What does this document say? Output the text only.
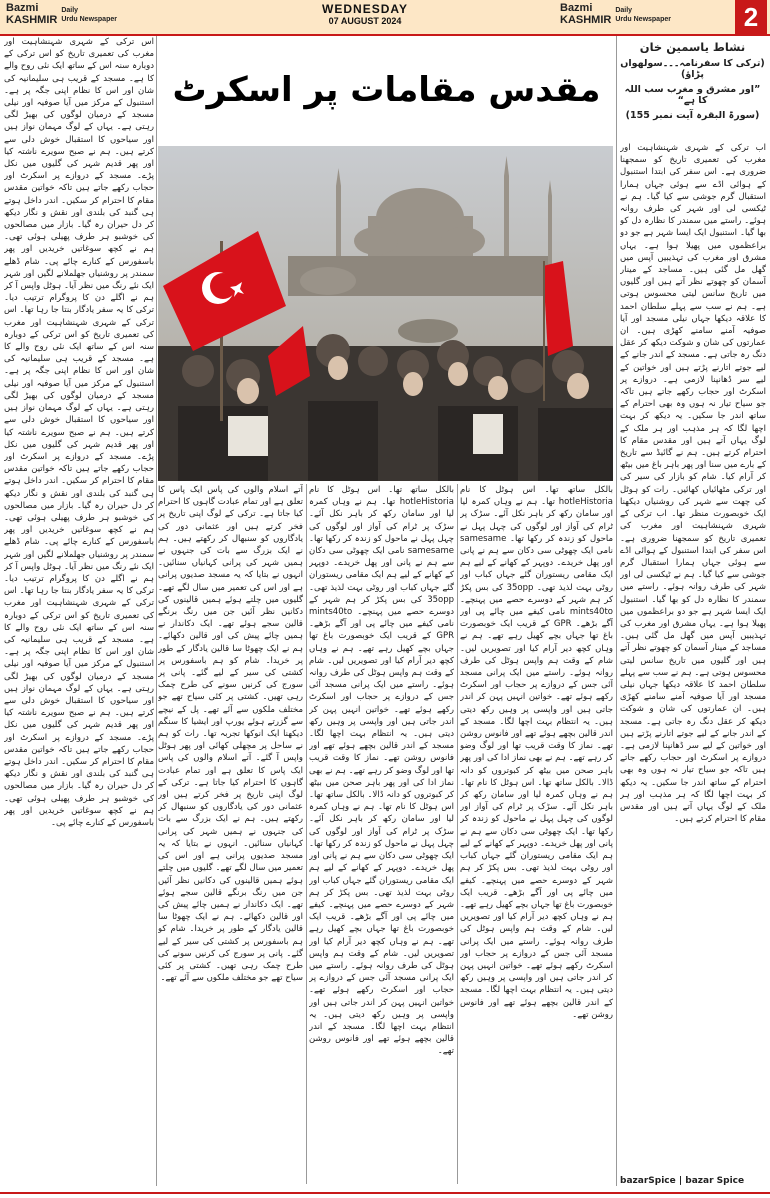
Bazmi
KASHMIR
Daily
Urdu Newspaper
WEDNESDAY
07 AUGUST 2024
Bazmi
KASHMIR
Daily
Urdu Newspaper	2
مقدس مقامات پر اسکرٹ
نشاط یاسمین خان
(ترکی کا سفرنامہ۔۔۔سولھواں پڑاؤ)
”اور مشرق و مغرب سب اللہ کا ہے“
(سورۃ البقرہ آیت نمبر 155)
اس ترکی کے شہری شہنشاہیت اور مغرب کی تعمیری تاریخ کو اس ترکی کے دوبارہ سنہ اس کے ساتھ ایک نئی روح والے کا ہے۔ مسجد کے قریب ہی سلیمانیہ کی شان اور اس کا نظام اپنی جگہ پر ہے۔ استنبول کے مرکز میں آیا صوفیہ اور نیلی مسجد کے درمیان لوگوں کی بھیڑ لگی رہتی ہے۔ یہاں کے لوگ مہمان نواز ہیں اور سیاحوں کا استقبال خوش دلی سے کرتے ہیں۔ ہم نے صبح سویرے ناشتہ کیا اور پھر قدیم شہر کی گلیوں میں نکل پڑے۔ مسجد کے دروازے پر اسکرٹ اور حجاب رکھے جاتے ہیں تاکہ خواتین مقدس مقام کا احترام کر سکیں۔ اندر داخل ہوتے ہی گنبد کی بلندی اور نقش و نگار دیکھ کر دل حیران رہ گیا۔ بازار میں مصالحوں کی خوشبو ہر طرف پھیلی ہوئی تھی۔ ہم نے کچھ سوغاتیں خریدیں اور پھر باسفورس کے کنارے چائے پی۔ شام ڈھلے سمندر پر روشنیاں جھلملانے لگیں اور شہر ایک نئے رنگ میں نظر آیا۔ ہوٹل واپس آ کر ہم نے اگلے دن کا پروگرام ترتیب دیا۔ ترکی کا یہ سفر یادگار بنتا جا رہا تھا۔ اس ترکی کے شہری شہنشاہیت اور مغرب کی تعمیری تاریخ کو اس ترکی کے دوبارہ سنہ اس کے ساتھ ایک نئی روح والے کا ہے۔ مسجد کے قریب ہی سلیمانیہ کی شان اور اس کا نظام اپنی جگہ پر ہے۔ استنبول کے مرکز میں آیا صوفیہ اور نیلی مسجد کے درمیان لوگوں کی بھیڑ لگی رہتی ہے۔ یہاں کے لوگ مہمان نواز ہیں اور سیاحوں کا استقبال خوش دلی سے کرتے ہیں۔ ہم نے صبح سویرے ناشتہ کیا اور پھر قدیم شہر کی گلیوں میں نکل پڑے۔ مسجد کے دروازے پر اسکرٹ اور حجاب رکھے جاتے ہیں تاکہ خواتین مقدس مقام کا احترام کر سکیں۔ اندر داخل ہوتے ہی گنبد کی بلندی اور نقش و نگار دیکھ کر دل حیران رہ گیا۔ بازار میں مصالحوں کی خوشبو ہر طرف پھیلی ہوئی تھی۔ ہم نے کچھ سوغاتیں خریدیں اور پھر باسفورس کے کنارے چائے پی۔ شام ڈھلے سمندر پر روشنیاں جھلملانے لگیں اور شہر ایک نئے رنگ میں نظر آیا۔ ہوٹل واپس آ کر ہم نے اگلے دن کا پروگرام ترتیب دیا۔ ترکی کا یہ سفر یادگار بنتا جا رہا تھا۔ اس ترکی کے شہری شہنشاہیت اور مغرب کی تعمیری تاریخ کو اس ترکی کے دوبارہ سنہ اس کے ساتھ ایک نئی روح والے کا ہے۔ مسجد کے قریب ہی سلیمانیہ کی شان اور اس کا نظام اپنی جگہ پر ہے۔ استنبول کے مرکز میں آیا صوفیہ اور نیلی مسجد کے درمیان لوگوں کی بھیڑ لگی رہتی ہے۔ یہاں کے لوگ مہمان نواز ہیں اور سیاحوں کا استقبال خوش دلی سے کرتے ہیں۔ ہم نے صبح سویرے ناشتہ کیا اور پھر قدیم شہر کی گلیوں میں نکل پڑے۔ مسجد کے دروازے پر اسکرٹ اور حجاب رکھے جاتے ہیں تاکہ خواتین مقدس مقام کا احترام کر سکیں۔ اندر داخل ہوتے ہی گنبد کی بلندی اور نقش و نگار دیکھ کر دل حیران رہ گیا۔ بازار میں مصالحوں کی خوشبو ہر طرف پھیلی ہوئی تھی۔ ہم نے کچھ سوغاتیں خریدیں اور پھر باسفورس کے کنارے چائے پی۔
آتے اسلام والوں کی پاس ایک پاس کا تعلق ہے اور تمام عبادت گاہوں کا احترام کیا جاتا ہے۔ ترکی کے لوگ اپنی تاریخ پر فخر کرتے ہیں اور عثمانی دور کی یادگاروں کو سنبھال کر رکھتے ہیں۔ ہم نے ایک بزرگ سے بات کی جنہوں نے ہمیں شہر کی پرانی کہانیاں سنائیں۔ انہوں نے بتایا کہ یہ مسجد صدیوں پرانی ہے اور اس کی تعمیر میں سال لگے تھے۔ گلیوں میں چلتے ہوئے ہمیں قالینوں کی دکانیں نظر آئیں جن میں رنگ برنگے قالین سجے ہوئے تھے۔ ایک دکاندار نے ہمیں چائے پیش کی اور قالین دکھائے۔ ہم نے ایک چھوٹا سا قالین یادگار کے طور پر خریدا۔ شام کو ہم باسفورس پر کشتی کی سیر کے لیے گئے۔ پانی پر سورج کی کرنیں سونے کی طرح چمک رہی تھیں۔ کشتی پر کئی سیاح تھے جو مختلف ملکوں سے آئے تھے۔ پل کے نیچے سے گزرتے ہوئے یورپ اور ایشیا کا سنگم دیکھنا ایک انوکھا تجربہ تھا۔ رات کو ہم نے ساحل پر مچھلی کھائی اور پھر ہوٹل واپس آ گئے۔ آتے اسلام والوں کی پاس ایک پاس کا تعلق ہے اور تمام عبادت گاہوں کا احترام کیا جاتا ہے۔ ترکی کے لوگ اپنی تاریخ پر فخر کرتے ہیں اور عثمانی دور کی یادگاروں کو سنبھال کر رکھتے ہیں۔ ہم نے ایک بزرگ سے بات کی جنہوں نے ہمیں شہر کی پرانی کہانیاں سنائیں۔ انہوں نے بتایا کہ یہ مسجد صدیوں پرانی ہے اور اس کی تعمیر میں سال لگے تھے۔ گلیوں میں چلتے ہوئے ہمیں قالینوں کی دکانیں نظر آئیں جن میں رنگ برنگے قالین سجے ہوئے تھے۔ ایک دکاندار نے ہمیں چائے پیش کی اور قالین دکھائے۔ ہم نے ایک چھوٹا سا قالین یادگار کے طور پر خریدا۔ شام کو ہم باسفورس پر کشتی کی سیر کے لیے گئے۔ پانی پر سورج کی کرنیں سونے کی طرح چمک رہی تھیں۔ کشتی پر کئی سیاح تھے جو مختلف ملکوں سے آئے تھے۔
بالکل ساتھ تھا۔ اس ہوٹل کا نام hotleHistoria تھا۔ ہم نے وہاں کمرہ لیا اور سامان رکھ کر باہر نکل آئے۔ سڑک پر ٹرام کی آواز اور لوگوں کی چہل پہل نے ماحول کو زندہ کر رکھا تھا۔ samesame نامی ایک چھوٹی سی دکان سے ہم نے پانی اور پھل خریدے۔ دوپہر کے کھانے کے لیے ہم ایک مقامی ریستوران گئے جہاں کباب اور روٹی بہت لذیذ تھی۔ 35opp کی بس پکڑ کر ہم شہر کے دوسرے حصے میں پہنچے۔ mints40to نامی کیفے میں چائے پی اور آگے بڑھے۔ GPR کے قریب ایک خوبصورت باغ تھا جہاں بچے کھیل رہے تھے۔ ہم نے وہاں کچھ دیر آرام کیا اور تصویریں لیں۔ شام کے وقت ہم واپس ہوٹل کی طرف روانہ ہوئے۔ راستے میں ایک پرانی مسجد آئی جس کے دروازے پر حجاب اور اسکرٹ رکھے ہوئے تھے۔ خواتین انہیں پہن کر اندر جاتی ہیں اور واپسی پر وہیں رکھ دیتی ہیں۔ یہ انتظام بہت اچھا لگا۔ مسجد کے اندر قالین بچھے ہوئے تھے اور فانوس روشن تھے۔ نماز کا وقت قریب تھا اور لوگ وضو کر رہے تھے۔ ہم نے بھی نماز ادا کی اور پھر باہر صحن میں بیٹھ کر کبوتروں کو دانہ ڈالا۔ بالکل ساتھ تھا۔ اس ہوٹل کا نام تھا۔ ہم نے وہاں کمرہ لیا اور سامان رکھ کر باہر نکل آئے۔ سڑک پر ٹرام کی آواز اور لوگوں کی چہل پہل نے ماحول کو زندہ کر رکھا تھا۔ ایک چھوٹی سی دکان سے ہم نے پانی اور پھل خریدے۔ دوپہر کے کھانے کے لیے ہم ایک مقامی ریستوران گئے جہاں کباب اور روٹی بہت لذیذ تھی۔ بس پکڑ کر ہم شہر کے دوسرے حصے میں پہنچے۔ کیفے میں چائے پی اور آگے بڑھے۔ قریب ایک خوبصورت باغ تھا جہاں بچے کھیل رہے تھے۔ ہم نے وہاں کچھ دیر آرام کیا اور تصویریں لیں۔ شام کے وقت ہم واپس ہوٹل کی طرف روانہ ہوئے۔ راستے میں ایک پرانی مسجد آئی جس کے دروازے پر حجاب اور اسکرٹ رکھے ہوئے تھے۔ خواتین انہیں پہن کر اندر جاتی ہیں اور واپسی پر وہیں رکھ دیتی ہیں۔ یہ انتظام بہت اچھا لگا۔ مسجد کے اندر قالین بچھے ہوئے تھے اور فانوس روشن تھے۔
بالکل ساتھ تھا۔ اس ہوٹل کا نام hotleHistoria تھا۔ ہم نے وہاں کمرہ لیا اور سامان رکھ کر باہر نکل آئے۔ سڑک پر ٹرام کی آواز اور لوگوں کی چہل پہل نے ماحول کو زندہ کر رکھا تھا۔ samesame نامی ایک چھوٹی سی دکان سے ہم نے پانی اور پھل خریدے۔ دوپہر کے کھانے کے لیے ہم ایک مقامی ریستوران گئے جہاں کباب اور روٹی بہت لذیذ تھی۔ 35opp کی بس پکڑ کر ہم شہر کے دوسرے حصے میں پہنچے۔ mints40to نامی کیفے میں چائے پی اور آگے بڑھے۔ GPR کے قریب ایک خوبصورت باغ تھا جہاں بچے کھیل رہے تھے۔ ہم نے وہاں کچھ دیر آرام کیا اور تصویریں لیں۔ شام کے وقت ہم واپس ہوٹل کی طرف روانہ ہوئے۔ راستے میں ایک پرانی مسجد آئی جس کے دروازے پر حجاب اور اسکرٹ رکھے ہوئے تھے۔ خواتین انہیں پہن کر اندر جاتی ہیں اور واپسی پر وہیں رکھ دیتی ہیں۔ یہ انتظام بہت اچھا لگا۔ مسجد کے اندر قالین بچھے ہوئے تھے اور فانوس روشن تھے۔ نماز کا وقت قریب تھا اور لوگ وضو کر رہے تھے۔ ہم نے بھی نماز ادا کی اور پھر باہر صحن میں بیٹھ کر کبوتروں کو دانہ ڈالا۔ بالکل ساتھ تھا۔ اس ہوٹل کا نام تھا۔ ہم نے وہاں کمرہ لیا اور سامان رکھ کر باہر نکل آئے۔ سڑک پر ٹرام کی آواز اور لوگوں کی چہل پہل نے ماحول کو زندہ کر رکھا تھا۔ ایک چھوٹی سی دکان سے ہم نے پانی اور پھل خریدے۔ دوپہر کے کھانے کے لیے ہم ایک مقامی ریستوران گئے جہاں کباب اور روٹی بہت لذیذ تھی۔ بس پکڑ کر ہم شہر کے دوسرے حصے میں پہنچے۔ کیفے میں چائے پی اور آگے بڑھے۔ قریب ایک خوبصورت باغ تھا جہاں بچے کھیل رہے تھے۔ ہم نے وہاں کچھ دیر آرام کیا اور تصویریں لیں۔ شام کے وقت ہم واپس ہوٹل کی طرف روانہ ہوئے۔ راستے میں ایک پرانی مسجد آئی جس کے دروازے پر حجاب اور اسکرٹ رکھے ہوئے تھے۔ خواتین انہیں پہن کر اندر جاتی ہیں اور واپسی پر وہیں رکھ دیتی ہیں۔ یہ انتظام بہت اچھا لگا۔ مسجد کے اندر قالین بچھے ہوئے تھے اور فانوس روشن تھے۔
اب ترکی کے شہری شہنشاہیت اور مغرب کی تعمیری تاریخ کو سمجھنا ضروری ہے۔ اس سفر کی ابتدا استنبول کے ہوائی اڈے سے ہوئی جہاں ہمارا استقبال گرم جوشی سے کیا گیا۔ ہم نے ٹیکسی لی اور شہر کی طرف روانہ ہوئے۔ راستے میں سمندر کا نظارہ دل کو بھا گیا۔ استنبول ایک ایسا شہر ہے جو دو براعظموں میں پھیلا ہوا ہے۔ یہاں مشرق اور مغرب کی تہذیبیں آپس میں گھل مل گئی ہیں۔ مساجد کے مینار آسمان کو چھوتے نظر آتے ہیں اور گلیوں میں تاریخ سانس لیتی محسوس ہوتی ہے۔ ہم نے سب سے پہلے سلطان احمد کا علاقہ دیکھا جہاں نیلی مسجد اور آیا صوفیہ آمنے سامنے کھڑی ہیں۔ ان عمارتوں کی شان و شوکت دیکھ کر عقل دنگ رہ جاتی ہے۔ مسجد کے اندر جانے کے لیے جوتے اتارنے پڑتے ہیں اور خواتین کے لیے سر ڈھانپنا لازمی ہے۔ دروازے پر اسکرٹ اور حجاب رکھے جاتے ہیں تاکہ جو سیاح تیار نہ ہوں وہ بھی احترام کے ساتھ اندر جا سکیں۔ یہ دیکھ کر بہت اچھا لگا کہ ہر مذہب اور ہر ملک کے لوگ یہاں آتے ہیں اور مقدس مقام کا احترام کرتے ہیں۔ ہم نے گائیڈ سے تاریخ کے بارے میں سنا اور پھر باہر باغ میں بیٹھ کر آرام کیا۔ شام کو بازار کی سیر کی اور ترکی مٹھائیاں کھائیں۔ رات کو ہوٹل کی چھت سے شہر کی روشنیاں دیکھنا ایک خوبصورت منظر تھا۔ اب ترکی کے شہری شہنشاہیت اور مغرب کی تعمیری تاریخ کو سمجھنا ضروری ہے۔ اس سفر کی ابتدا استنبول کے ہوائی اڈے سے ہوئی جہاں ہمارا استقبال گرم جوشی سے کیا گیا۔ ہم نے ٹیکسی لی اور شہر کی طرف روانہ ہوئے۔ راستے میں سمندر کا نظارہ دل کو بھا گیا۔ استنبول ایک ایسا شہر ہے جو دو براعظموں میں پھیلا ہوا ہے۔ یہاں مشرق اور مغرب کی تہذیبیں آپس میں گھل مل گئی ہیں۔ مساجد کے مینار آسمان کو چھوتے نظر آتے ہیں اور گلیوں میں تاریخ سانس لیتی محسوس ہوتی ہے۔ ہم نے سب سے پہلے سلطان احمد کا علاقہ دیکھا جہاں نیلی مسجد اور آیا صوفیہ آمنے سامنے کھڑی ہیں۔ ان عمارتوں کی شان و شوکت دیکھ کر عقل دنگ رہ جاتی ہے۔ مسجد کے اندر جانے کے لیے جوتے اتارنے پڑتے ہیں اور خواتین کے لیے سر ڈھانپنا لازمی ہے۔ دروازے پر اسکرٹ اور حجاب رکھے جاتے ہیں تاکہ جو سیاح تیار نہ ہوں وہ بھی احترام کے ساتھ اندر جا سکیں۔ یہ دیکھ کر بہت اچھا لگا کہ ہر مذہب اور ہر ملک کے لوگ یہاں آتے ہیں اور مقدس مقام کا احترام کرتے ہیں۔
bazarSpice | bazar Spice
